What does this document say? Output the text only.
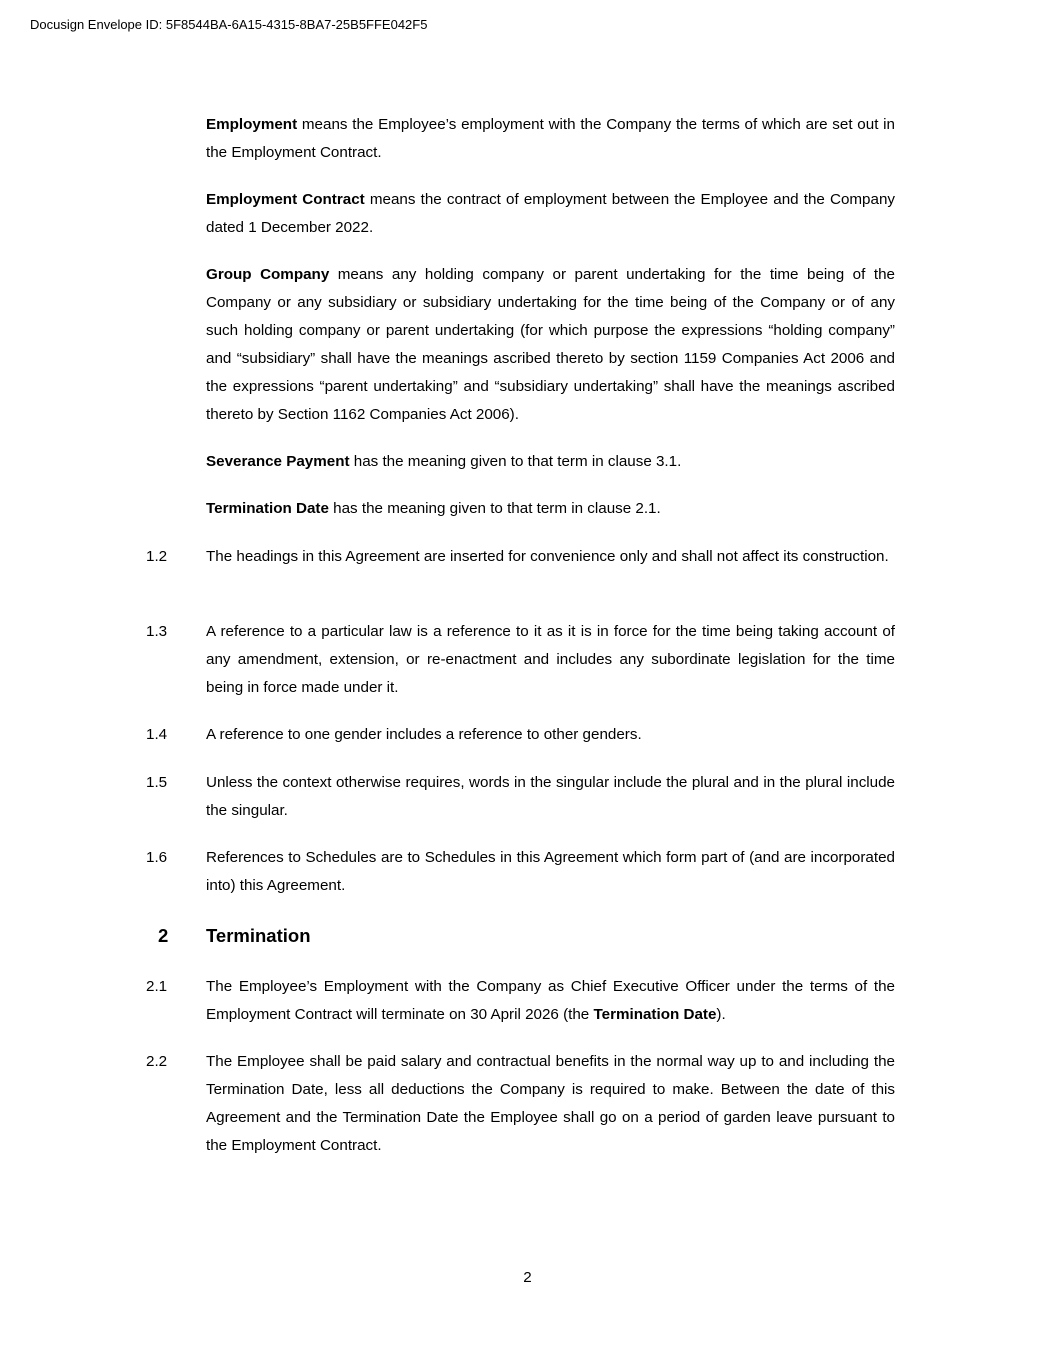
Docusign Envelope ID: 5F8544BA-6A15-4315-8BA7-25B5FFE042F5

Employment means the Employee’s employment with the Company the terms of which are set out in the Employment Contract.

Employment Contract means the contract of employment between the Employee and the Company dated 1 December 2022.

Group Company means any holding company or parent undertaking for the time being of the Company or any subsidiary or subsidiary undertaking for the time being of the Company or of any such holding company or parent undertaking (for which purpose the expressions “holding company” and “subsidiary” shall have the meanings ascribed thereto by section 1159 Companies Act 2006 and the expressions “parent undertaking” and “subsidiary undertaking” shall have the meanings ascribed thereto by Section 1162 Companies Act 2006).

Severance Payment has the meaning given to that term in clause 3.1.

Termination Date has the meaning given to that term in clause 2.1.

1.2	The headings in this Agreement are inserted for convenience only and shall not affect its construction.

1.3	A reference to a particular law is a reference to it as it is in force for the time being taking account of any amendment, extension, or re-enactment and includes any subordinate legislation for the time being in force made under it.

1.4	A reference to one gender includes a reference to other genders.

1.5	Unless the context otherwise requires, words in the singular include the plural and in the plural include the singular.

1.6	References to Schedules are to Schedules in this Agreement which form part of (and are incorporated into) this Agreement.

2 Termination
2.1	The Employee’s Employment with the Company as Chief Executive Officer under the terms of the Employment Contract will terminate on 30 April 2026 (the Termination Date).

2.2	The Employee shall be paid salary and contractual benefits in the normal way up to and including the Termination Date, less all deductions the Company is required to make. Between the date of this Agreement and the Termination Date the Employee shall go on a period of garden leave pursuant to the Employment Contract.

2
